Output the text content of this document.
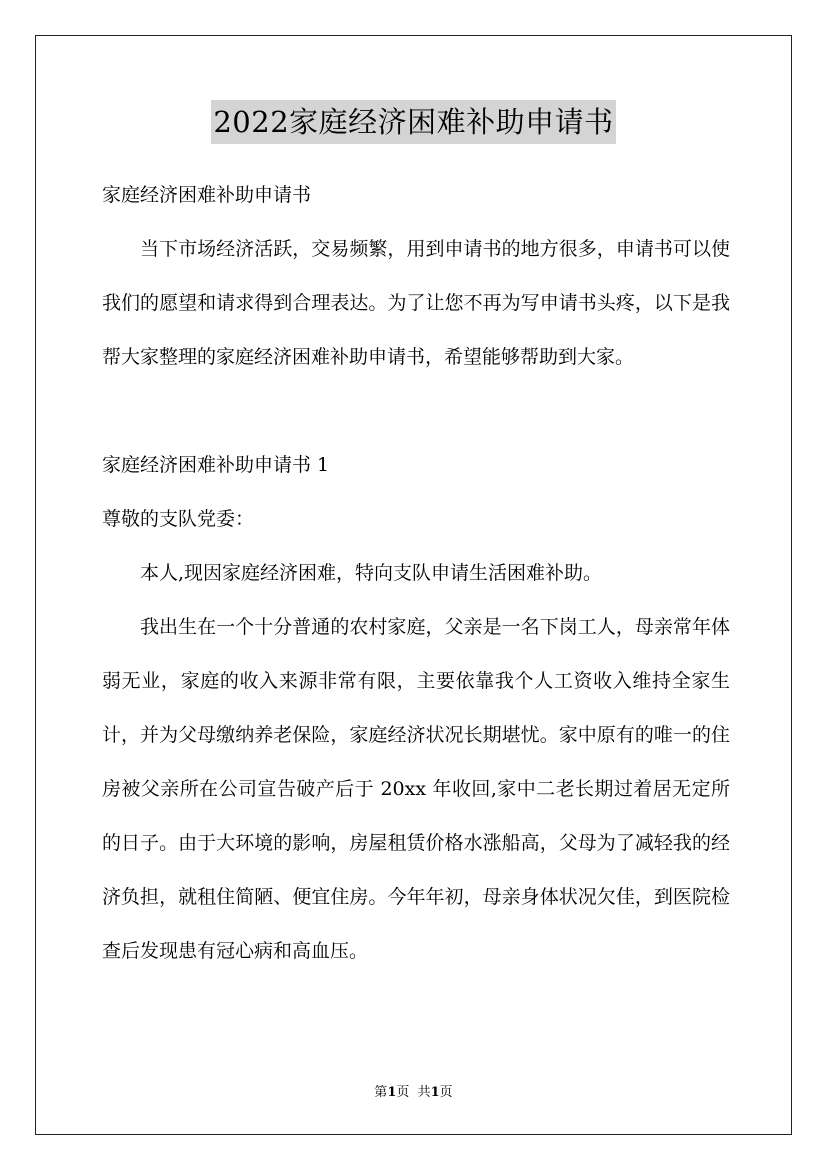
2022家庭经济困难补助申请书

家庭经济困难补助申请书

当下市场经济活跃，交易频繁，用到申请书的地方很多，申请书可以使我们的愿望和请求得到合理表达。为了让您不再为写申请书头疼，以下是我帮大家整理的家庭经济困难补助申请书，希望能够帮助到大家。

家庭经济困难补助申请书 1

尊敬的支队党委：

本人,现因家庭经济困难，特向支队申请生活困难补助。

我出生在一个十分普通的农村家庭，父亲是一名下岗工人，母亲常年体弱无业，家庭的收入来源非常有限，主要依靠我个人工资收入维持全家生计，并为父母缴纳养老保险，家庭经济状况长期堪忧。家中原有的唯一的住房被父亲所在公司宣告破产后于 20xx 年收回,家中二老长期过着居无定所的日子。由于大环境的影响，房屋租赁价格水涨船高，父母为了减轻我的经济负担，就租住简陋、便宜住房。今年年初，母亲身体状况欠佳，到医院检查后发现患有冠心病和高血压。

第1页  共1页
